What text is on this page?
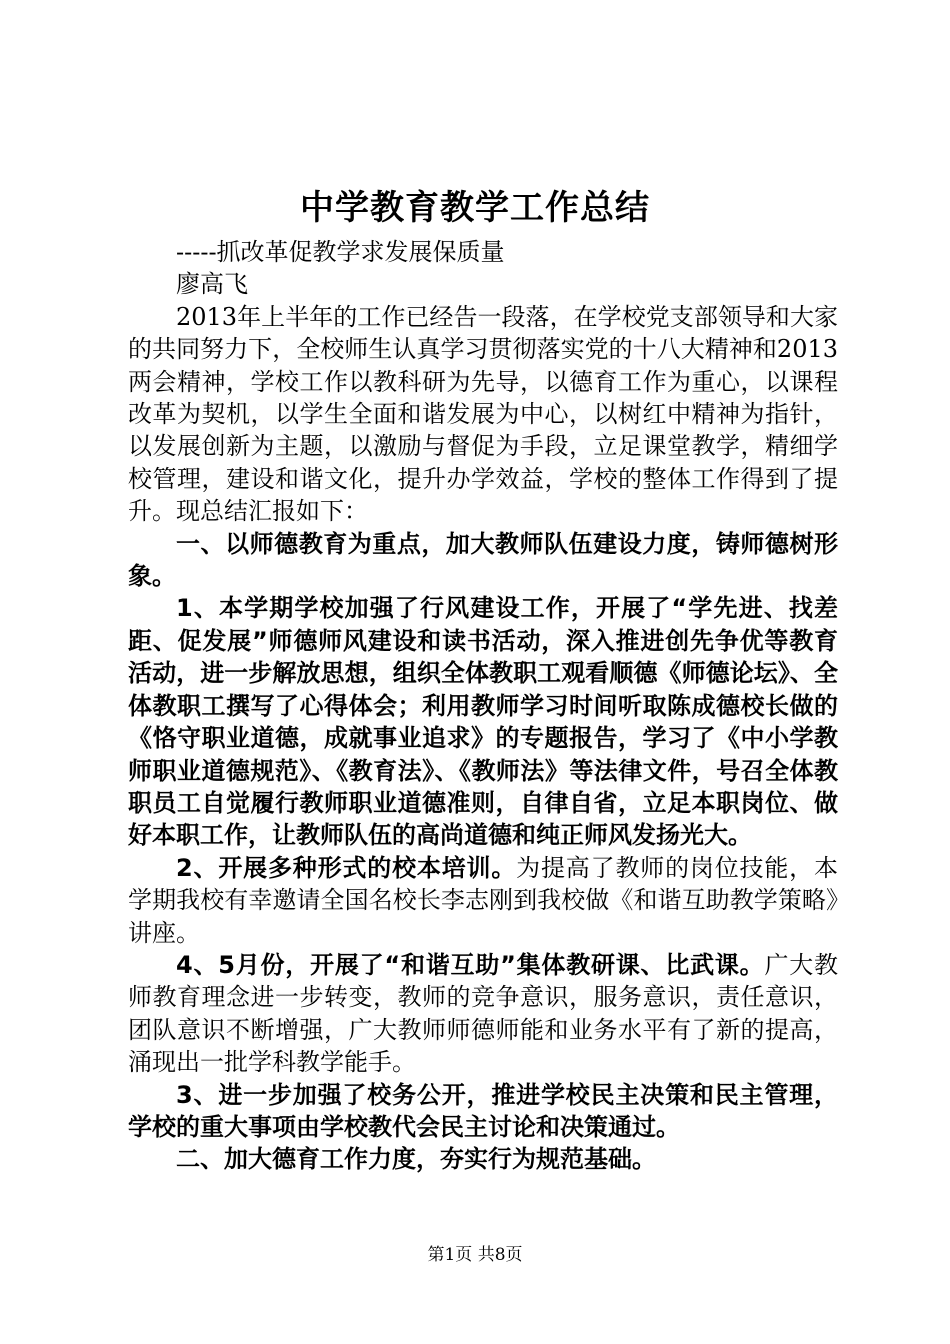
中学教育教学工作总结

-----抓改革促教学求发展保质量

廖高飞

2013年上半年的工作已经告一段落，在学校党支部领导和大家的共同努力下，全校师生认真学习贯彻落实党的十八大精神和2013两会精神，学校工作以教科研为先导，以德育工作为重心，以课程改革为契机，以学生全面和谐发展为中心，以树红中精神为指针，以发展创新为主题，以激励与督促为手段，立足课堂教学，精细学校管理，建设和谐文化，提升办学效益，学校的整体工作得到了提升。现总结汇报如下：

一、以师德教育为重点，加大教师队伍建设力度，铸师德树形象。

1、本学期学校加强了行风建设工作，开展了“学先进、找差距、促发展”师德师风建设和读书活动，深入推进创先争优等教育活动，进一步解放思想，组织全体教职工观看顺德《师德论坛》、全体教职工撰写了心得体会；利用教师学习时间听取陈成德校长做的《恪守职业道德，成就事业追求》的专题报告，学习了《中小学教师职业道德规范》、《教育法》、《教师法》等法律文件，号召全体教职员工自觉履行教师职业道德准则，自律自省，立足本职岗位、做好本职工作，让教师队伍的高尚道德和纯正师风发扬光大。

2、开展多种形式的校本培训。为提高了教师的岗位技能，本学期我校有幸邀请全国名校长李志刚到我校做《和谐互助教学策略》讲座。

4、5月份，开展了“和谐互助”集体教研课、比武课。广大教师教育理念进一步转变，教师的竞争意识，服务意识，责任意识，团队意识不断增强，广大教师师德师能和业务水平有了新的提高，涌现出一批学科教学能手。

3、进一步加强了校务公开，推进学校民主决策和民主管理，学校的重大事项由学校教代会民主讨论和决策通过。

二、加大德育工作力度，夯实行为规范基础。

第1页 共8页
